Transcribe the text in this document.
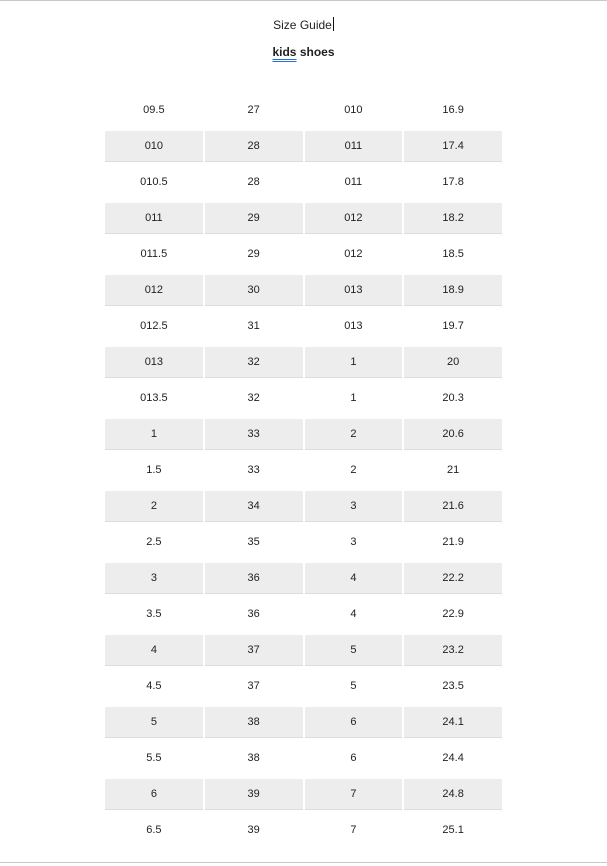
Size Guide
kids shoes
09.5	27	010	16.9
010	28	011	17.4
010.5	28	011	17.8
011	29	012	18.2
011.5	29	012	18.5
012	30	013	18.9
012.5	31	013	19.7
013	32	1	20
013.5	32	1	20.3
1	33	2	20.6
1.5	33	2	21
2	34	3	21.6
2.5	35	3	21.9
3	36	4	22.2
3.5	36	4	22.9
4	37	5	23.2
4.5	37	5	23.5
5	38	6	24.1
5.5	38	6	24.4
6	39	7	24.8
6.5	39	7	25.1
